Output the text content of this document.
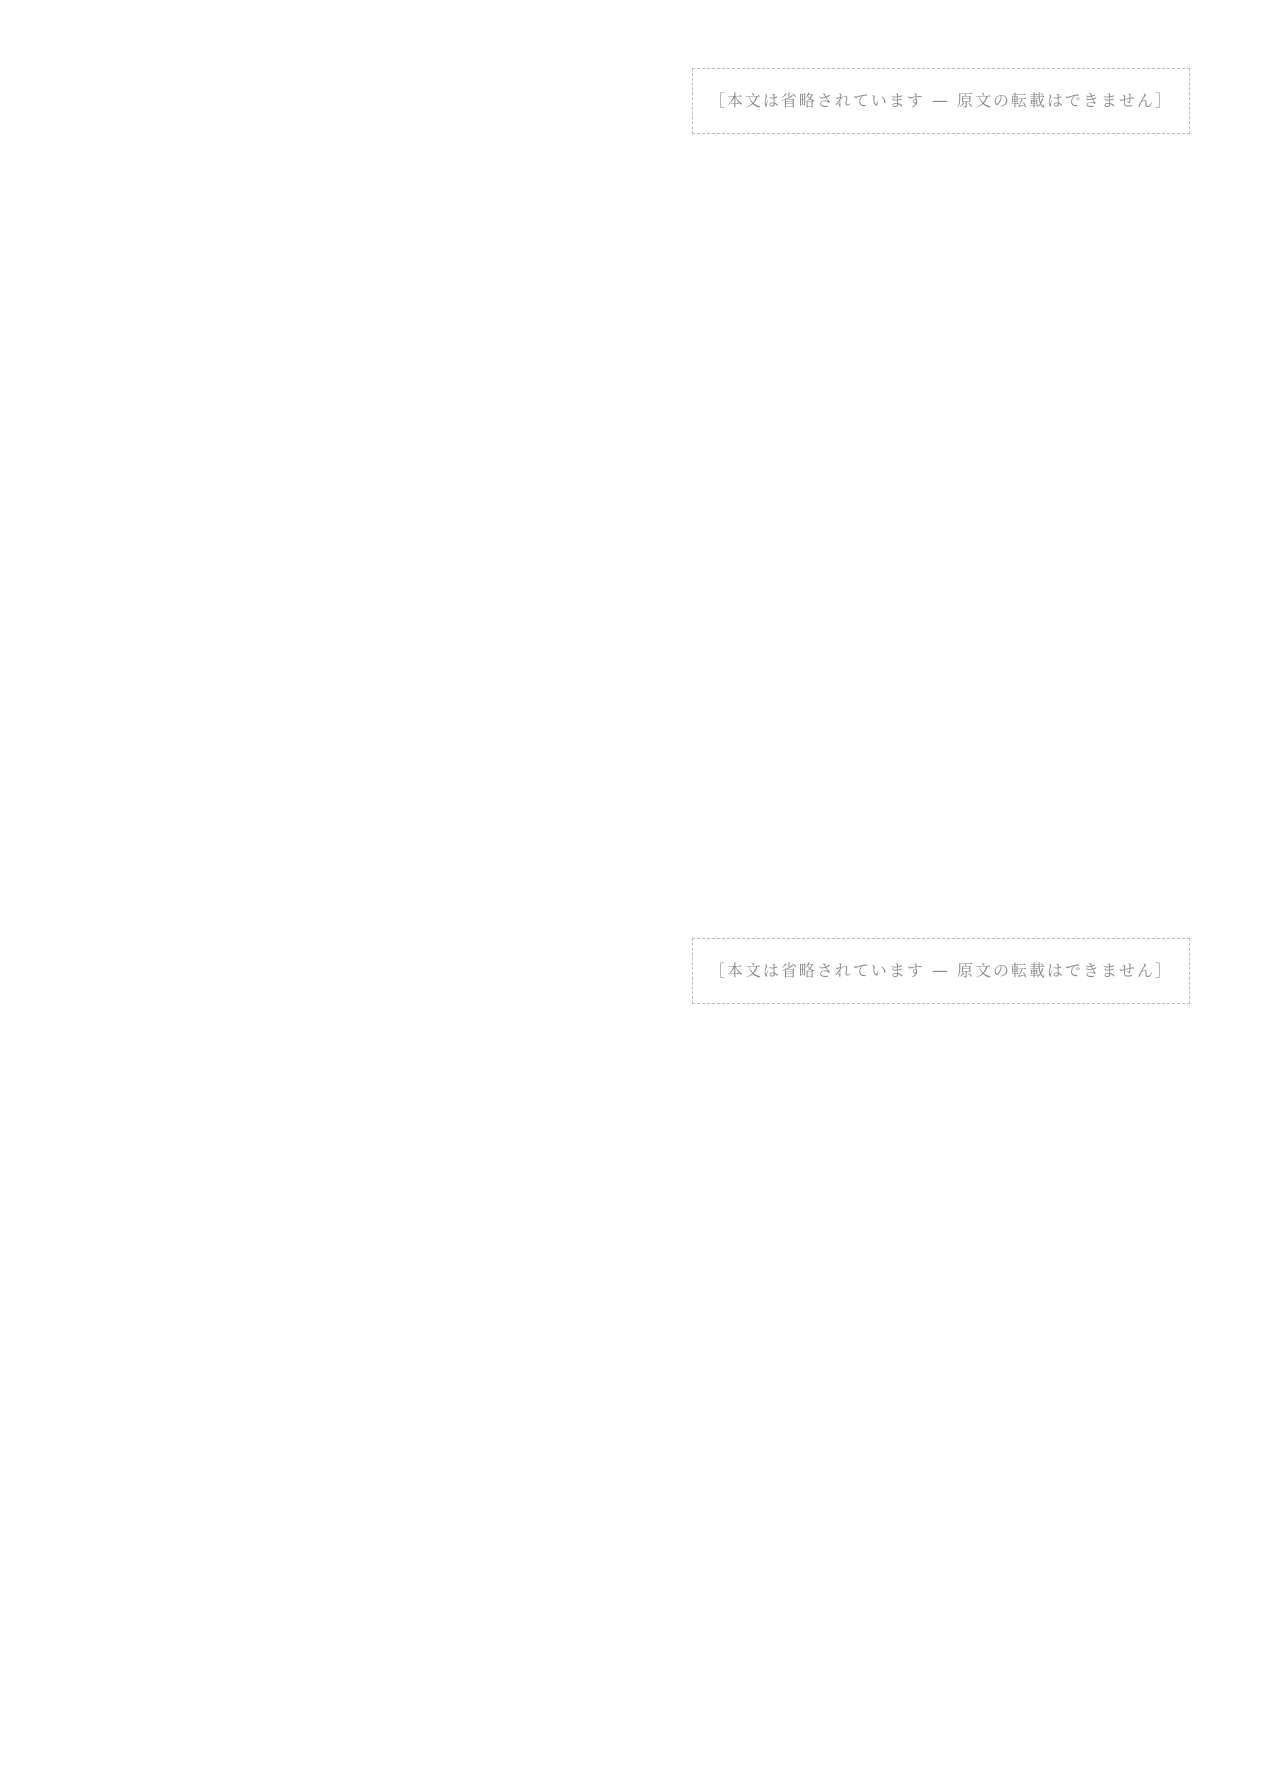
［本文は省略されています — 原文の転載はできません］
［本文は省略されています — 原文の転載はできません］
